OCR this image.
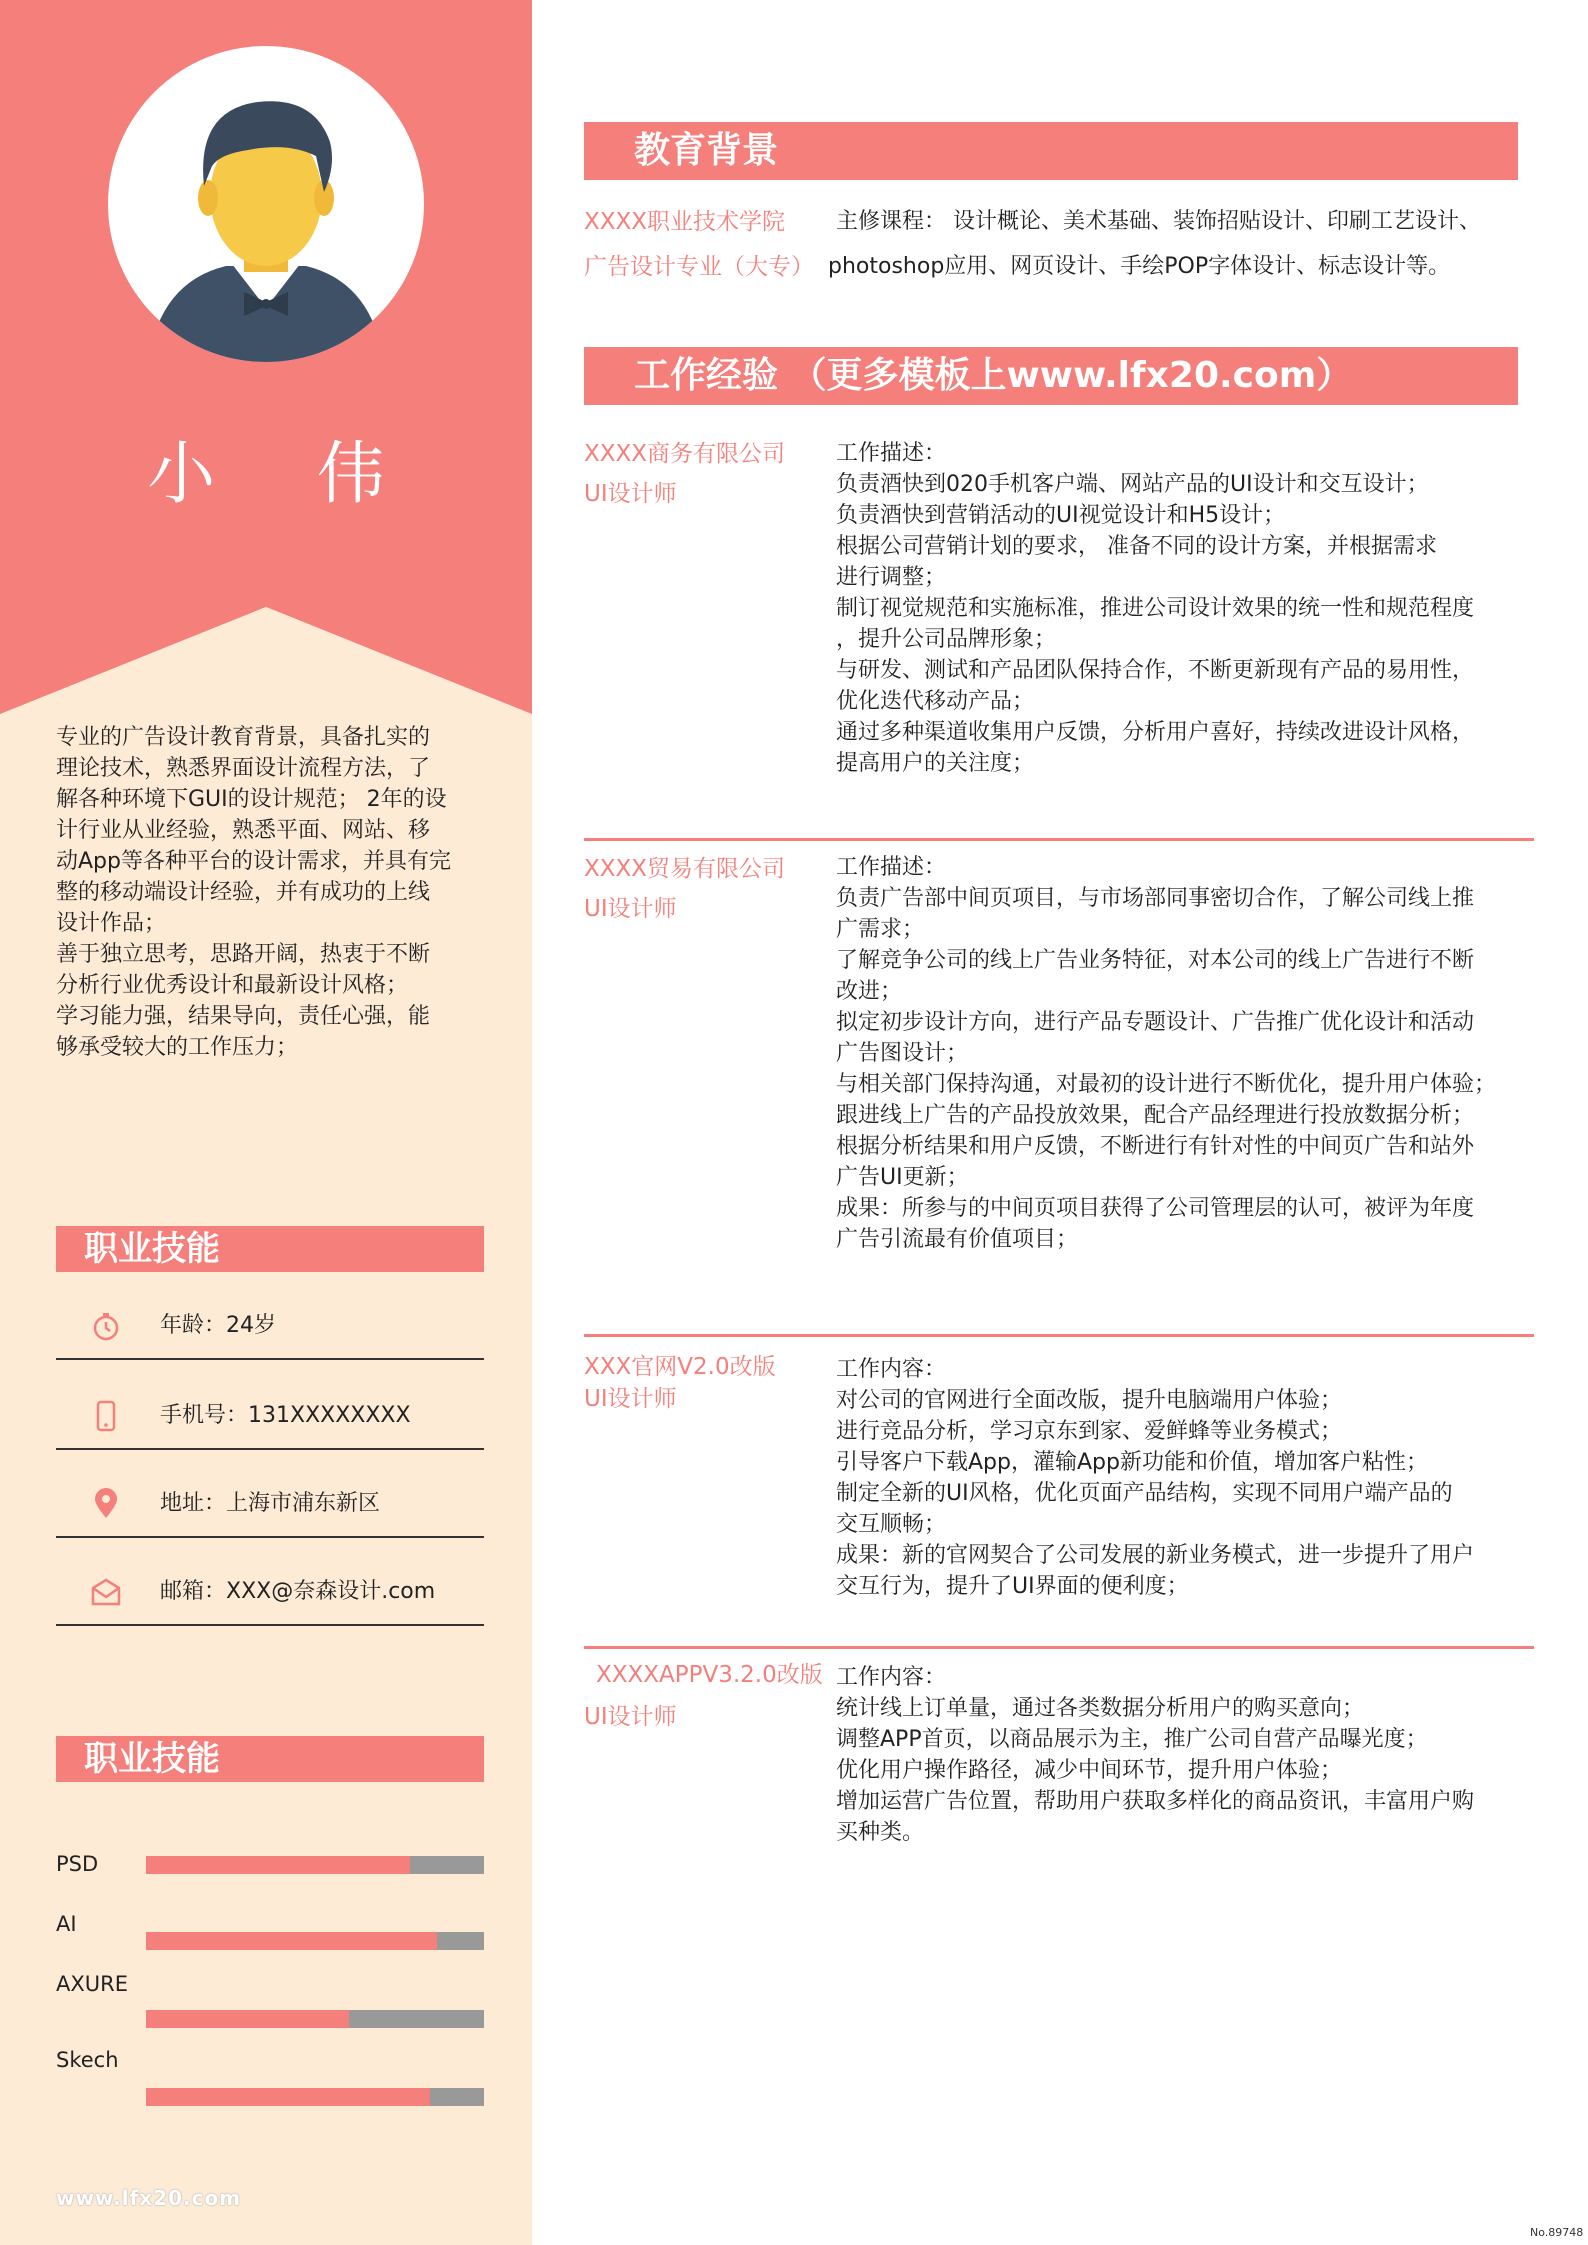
小 伟
专业的广告设计教育背景，具备扎实的
理论技术，熟悉界面设计流程方法，了
解各种环境下GUI的设计规范； 2年的设
计行业从业经验，熟悉平面、网站、移
动App等各种平台的设计需求，并具有完
整的移动端设计经验，并有成功的上线
设计作品；
善于独立思考，思路开阔，热衷于不断
分析行业优秀设计和最新设计风格；
学习能力强，结果导向，责任心强，能
够承受较大的工作压力；
职业技能
年龄：24岁
手机号：131XXXXXXXX
地址：上海市浦东新区
邮箱：XXX@奈森设计.com
职业技能
PSD
AI
AXURE
Skech
www.lfx20.com
教育背景
XXXX职业技术学院
广告设计专业（大专）
主修课程： 设计概论、美术基础、装饰招贴设计、印刷工艺设计、
photoshop应用、网页设计、手绘POP字体设计、标志设计等。
工作经验 （更多模板上www.lfx20.com）
XXXX商务有限公司
UI设计师
工作描述：
负责酒快到020手机客户端、网站产品的UI设计和交互设计；
负责酒快到营销活动的UI视觉设计和H5设计；
根据公司营销计划的要求， 准备不同的设计方案，并根据需求
进行调整；
制订视觉规范和实施标准，推进公司设计效果的统一性和规范程度
，提升公司品牌形象；
与研发、测试和产品团队保持合作，不断更新现有产品的易用性，
优化迭代移动产品；
通过多种渠道收集用户反馈，分析用户喜好，持续改进设计风格，
提高用户的关注度；
XXXX贸易有限公司
UI设计师
工作描述：
负责广告部中间页项目，与市场部同事密切合作，了解公司线上推
广需求；
了解竞争公司的线上广告业务特征，对本公司的线上广告进行不断
改进；
拟定初步设计方向，进行产品专题设计、广告推广优化设计和活动
广告图设计；
与相关部门保持沟通，对最初的设计进行不断优化，提升用户体验；
跟进线上广告的产品投放效果，配合产品经理进行投放数据分析；
根据分析结果和用户反馈，不断进行有针对性的中间页广告和站外
广告UI更新；
成果：所参与的中间页项目获得了公司管理层的认可，被评为年度
广告引流最有价值项目；
XXX官网V2.0改版
UI设计师
工作内容：
对公司的官网进行全面改版，提升电脑端用户体验；
进行竞品分析，学习京东到家、爱鲜蜂等业务模式；
引导客户下载App，灌输App新功能和价值，增加客户粘性；
制定全新的UI风格，优化页面产品结构，实现不同用户端产品的
交互顺畅；
成果：新的官网契合了公司发展的新业务模式，进一步提升了用户
交互行为，提升了UI界面的便利度；
XXXXAPPV3.2.0改版
UI设计师
工作内容：
统计线上订单量，通过各类数据分析用户的购买意向；
调整APP首页，以商品展示为主，推广公司自营产品曝光度；
优化用户操作路径，减少中间环节，提升用户体验；
增加运营广告位置，帮助用户获取多样化的商品资讯，丰富用户购
买种类。
No.89748
